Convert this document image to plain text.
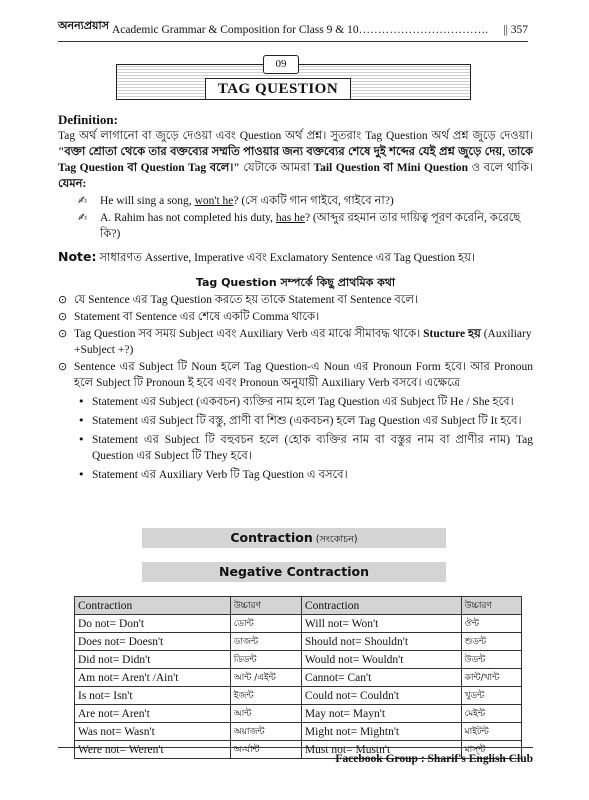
অনন্যপ্রয়াস Academic Grammar & Composition for Class 9 & 10…………………………….	|| 357
TAG QUESTION
09
Definition:
Tag অর্থ লাগানো বা জুড়ে দেওয়া এবং Question অর্থ প্রশ্ন। সুতরাং Tag Question অর্থ প্রশ্ন জুড়ে দেওয়া। "বক্তা শ্রোতা থেকে তার বক্তব্যের সম্মতি পাওয়ার জন্য বক্তব্যের শেষে দুই শব্দের যেই প্রশ্ন জুড়ে দেয়, তাকে Tag Question বা Question Tag বলে।" যেটাকে আমরা Tail Question বা Mini Question ও বলে থাকি। যেমন:
✍	He will sing a song, won't he? (সে একটি গান গাইবে, গাইবে না?)
✍	A. Rahim has not completed his duty, has he? (আব্দুর রহমান তার দায়িত্ব পূরণ করেনি, করেছে কি?)
Note: সাধারণত Assertive, Imperative এবং Exclamatory Sentence এর Tag Question হয়।
Tag Question সম্পর্কে কিছু প্রাথমিক কথা
⊙ যে Sentence এর Tag Question করতে হয় তাকে Statement বা Sentence বলে।
⊙ Statement বা Sentence এর শেষে একটি Comma থাকে।
⊙ Tag Question সব সময় Subject এবং Auxiliary Verb এর মাঝে সীমাবদ্ধ থাকে। Stucture হয় (Auxiliary +Subject +?)
⊙ Sentence এর Subject টি Noun হলে Tag Question-এ Noun এর Pronoun Form হবে। আর Pronoun হলে Subject টি Pronoun ই হবে এবং Pronoun অনুযায়ী Auxiliary Verb বসবে। এক্ষেত্রে
• Statement এর Subject (একবচন) ব্যক্তির নাম হলে Tag Question এর Subject টি He / She হবে।
• Statement এর Subject টি বস্তু, প্রাণী বা শিশু (একবচন) হলে Tag Question এর Subject টি It হবে।
• Statement এর Subject টি বহুবচন হলে (হোক ব্যক্তির নাম বা বস্তুর নাম বা প্রাণীর নাম) Tag Question এর Subject টি They হবে।
• Statement এর Auxiliary Verb টি Tag Question এ বসবে।
Contraction (সংকোচন)
Negative Contraction
Contraction	উচ্চারণ	Contraction	উচ্চারণ
Do not= Don't	ডোন্ট	Will not= Won't	ঔন্ট
Does not= Doesn't	ডাজন্ট	Should not= Shouldn't	শুডন্ট
Did not= Didn't	ডিডন্ট	Would not= Wouldn't	উডন্ট
Am not= Aren't /Ain't	আন্ট /এইন্ট	Cannot= Can't	কান্ট/খান্ট
Is not= Isn't	ইজন্ট	Could not= Couldn't	খুডন্ট
Are not= Aren't	আন্ট	May not= Mayn't	মেইন্ট
Was not= Wasn't	অয়াজন্ট	Might not= Mightn't	মাইটন্ট
Were not= Weren't	অ-র্যান্ট	Must not= Mustn't	মাস্ন্ট
Facebook Group : Sharif's English Club
